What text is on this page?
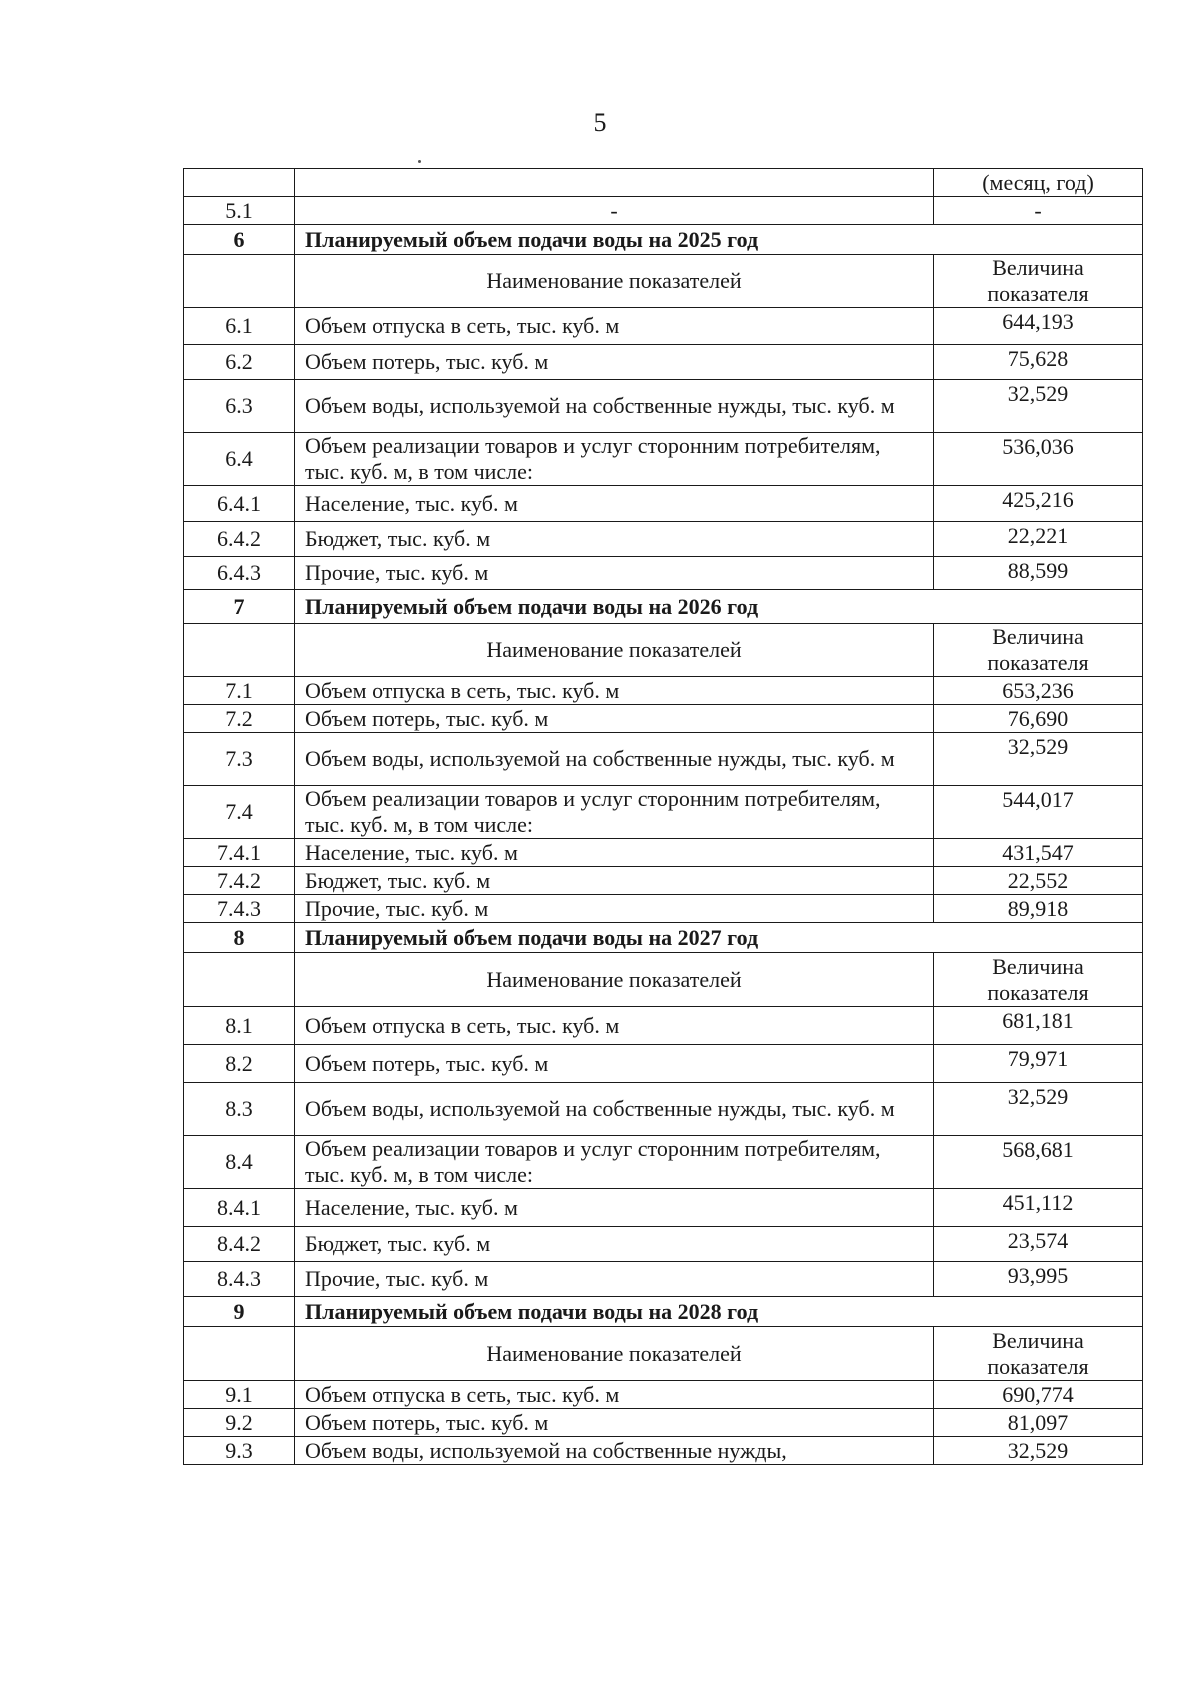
5
		(месяц, год)
5.1	-	-
6	Планируемый объем подачи воды на 2025 год	
	Наименование показателей	Величина
показателя

6.1	Объем отпуска в сеть, тыс. куб. м	644,193
6.2	Объем потерь, тыс. куб. м	75,628
6.3	Объем воды, используемой на собственные нужды, тыс. куб. м	32,529
6.4	Объем реализации товаров и услуг сторонним потребителям, тыс. куб. м, в том числе:	536,036
6.4.1	Население, тыс. куб. м	425,216
6.4.2	Бюджет, тыс. куб. м	22,221
6.4.3	Прочие, тыс. куб. м	88,599
7	Планируемый объем подачи воды на 2026 год	
	Наименование показателей	Величина
показателя

7.1	Объем отпуска в сеть, тыс. куб. м	653,236
7.2	Объем потерь, тыс. куб. м	76,690
7.3	Объем воды, используемой на собственные нужды, тыс. куб. м	32,529
7.4	Объем реализации товаров и услуг сторонним потребителям, тыс. куб. м, в том числе:	544,017
7.4.1	Население, тыс. куб. м	431,547
7.4.2	Бюджет, тыс. куб. м	22,552
7.4.3	Прочие, тыс. куб. м	89,918
8	Планируемый объем подачи воды на 2027 год	
	Наименование показателей	Величина
показателя

8.1	Объем отпуска в сеть, тыс. куб. м	681,181
8.2	Объем потерь, тыс. куб. м	79,971
8.3	Объем воды, используемой на собственные нужды, тыс. куб. м	32,529
8.4	Объем реализации товаров и услуг сторонним потребителям, тыс. куб. м, в том числе:	568,681
8.4.1	Население, тыс. куб. м	451,112
8.4.2	Бюджет, тыс. куб. м	23,574
8.4.3	Прочие, тыс. куб. м	93,995
9	Планируемый объем подачи воды на 2028 год	
	Наименование показателей	Величина
показателя

9.1	Объем отпуска в сеть, тыс. куб. м	690,774
9.2	Объем потерь, тыс. куб. м	81,097
9.3	Объем воды, используемой на собственные нужды,	32,529
